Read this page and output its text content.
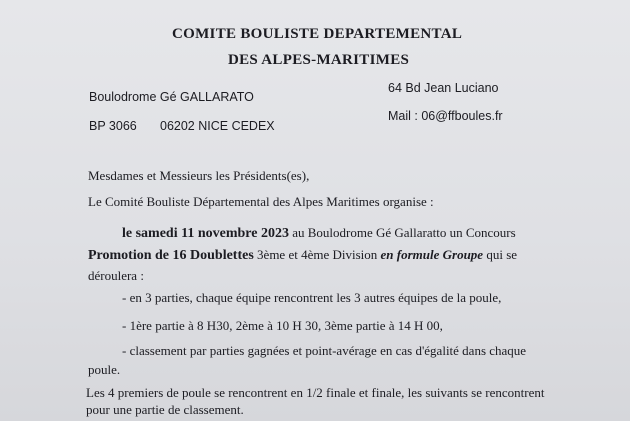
COMITE BOULISTE DEPARTEMENTAL
DES ALPES-MARITIMES
Boulodrome Gé GALLARATO
64 Bd Jean Luciano
BP 3066 06202 NICE CEDEX
Mail : 06@ffboules.fr
Mesdames et Messieurs les Présidents(es),
Le Comité Bouliste Départemental des Alpes Maritimes organise :
le samedi 11 novembre 2023 au Boulodrome Gé Gallaratto un Concours
Promotion de 16 Doublettes 3ème et 4ème Division en formule Groupe qui se
déroulera :
- en 3 parties, chaque équipe rencontrent les 3 autres équipes de la poule,
- 1ère partie à 8 H30, 2ème à 10 H 30, 3ème partie à 14 H 00,
- classement par parties gagnées et point-avérage en cas d'égalité dans chaque
poule.
Les 4 premiers de poule se rencontrent en 1/2 finale et finale, les suivants se rencontrent
pour une partie de classement.
